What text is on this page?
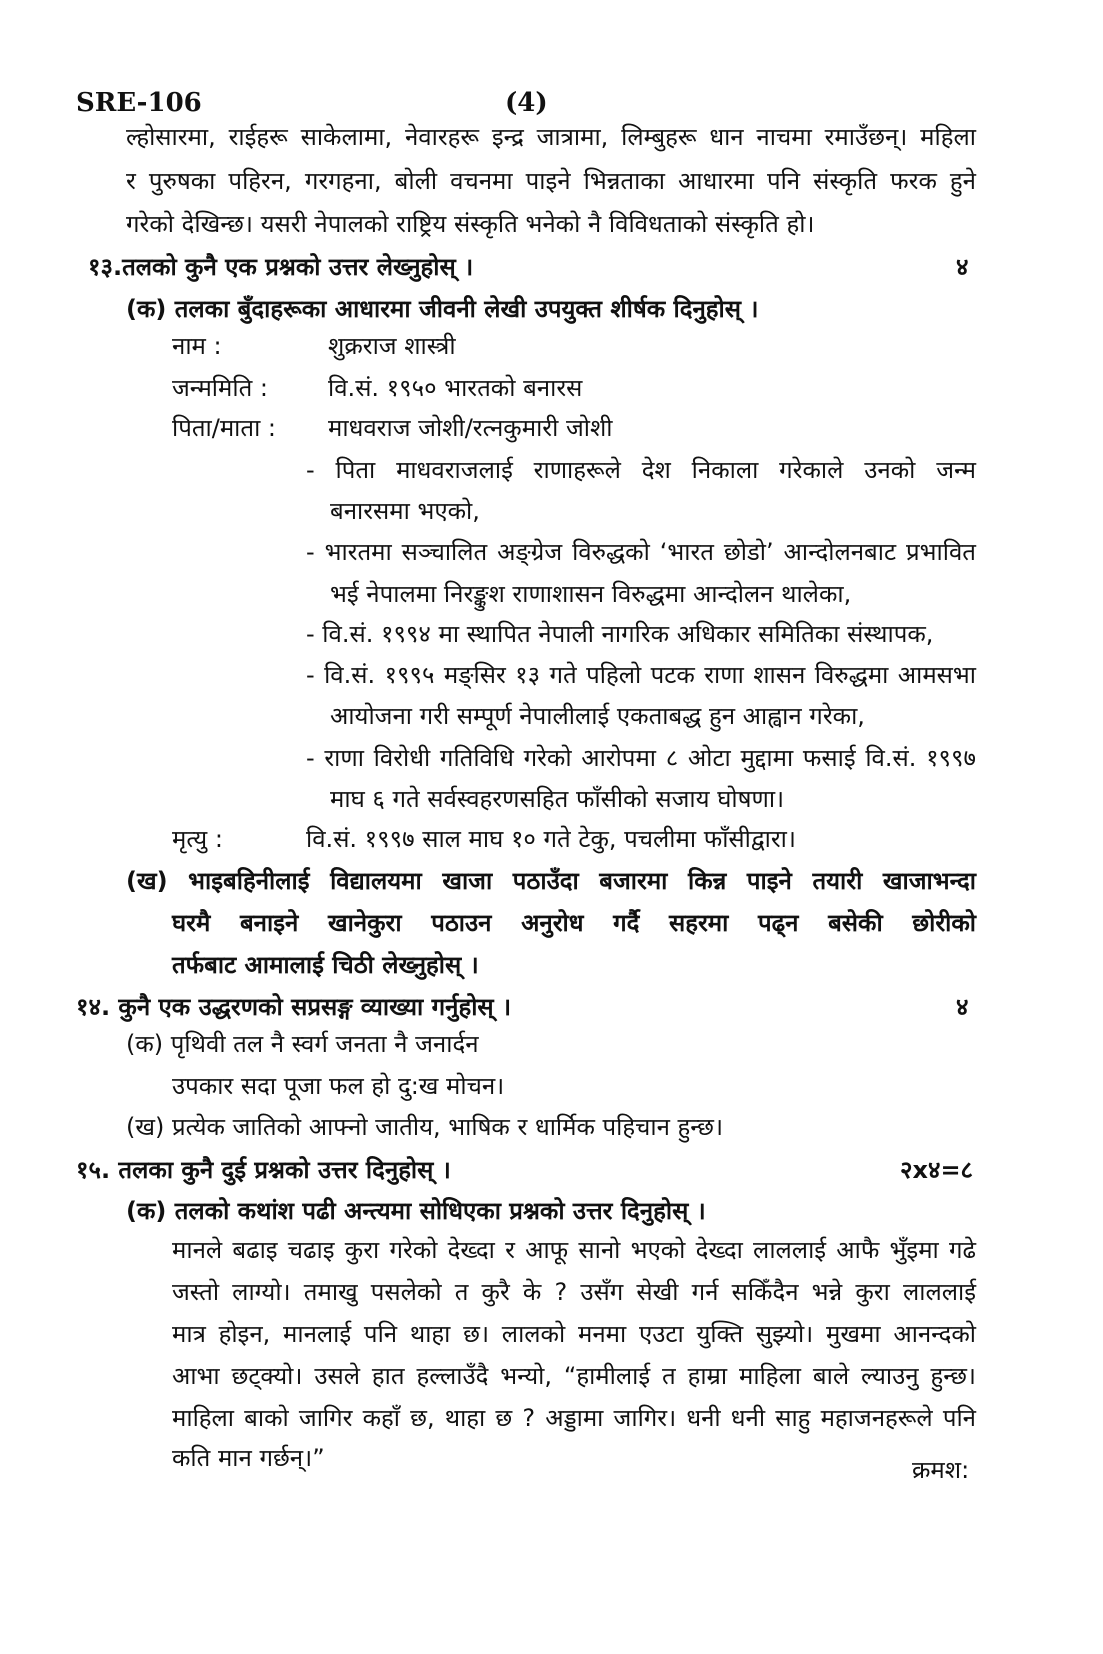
SRE-106	(4)
ल्होसारमा, राईहरू साकेलामा, नेवारहरू इन्द्र जात्रामा, लिम्बुहरू धान नाचमा रमाउँछन्। महिला
र पुरुषका पहिरन, गरगहना, बोली वचनमा पाइने भिन्नताका आधारमा पनि संस्कृति फरक हुने
गरेको देखिन्छ। यसरी नेपालको राष्ट्रिय संस्कृति भनेको नै विविधताको संस्कृति हो।
१३.तलको कुनै एक प्रश्नको उत्तर लेख्नुहोस् ।	४
(क) तलका बुँदाहरूका आधारमा जीवनी लेखी उपयुक्त शीर्षक दिनुहोस् ।
नाम :	शुक्रराज शास्त्री
जन्ममिति :	वि.सं. १९५० भारतको बनारस
पिता/माता : माधवराज जोशी/रत्नकुमारी जोशी
- पिता माधवराजलाई राणाहरूले देश निकाला गरेकाले उनको जन्म
बनारसमा भएको,
- भारतमा सञ्चालित अङ्ग्रेज विरुद्धको ‘भारत छोडो’ आन्दोलनबाट प्रभावित
भई नेपालमा निरङ्कुश राणाशासन विरुद्धमा आन्दोलन थालेका,
- वि.सं. १९९४ मा स्थापित नेपाली नागरिक अधिकार समितिका संस्थापक,
- वि.सं. १९९५ मङ्सिर १३ गते पहिलो पटक राणा शासन विरुद्धमा आमसभा
आयोजना गरी सम्पूर्ण नेपालीलाई एकताबद्ध हुन आह्वान गरेका,
- राणा विरोधी गतिविधि गरेको आरोपमा ८ ओटा मुद्दामा फसाई वि.सं. १९९७
माघ ६ गते सर्वस्वहरणसहित फाँसीको सजाय घोषणा।
मृत्यु :	वि.सं. १९९७ साल माघ १० गते टेकु, पचलीमा फाँसीद्वारा।
(ख) भाइबहिनीलाई विद्यालयमा खाजा पठाउँदा बजारमा किन्न पाइने तयारी खाजाभन्दा
घरमै बनाइने खानेकुरा पठाउन अनुरोध गर्दै सहरमा पढ्न बसेकी छोरीको
तर्फबाट आमालाई चिठी लेख्नुहोस् ।
१४. कुनै एक उद्धरणको सप्रसङ्ग व्याख्या गर्नुहोस् ।	४
(क) पृथिवी तल नै स्वर्ग जनता नै जनार्दन
उपकार सदा पूजा फल हो दु:ख मोचन।
(ख) प्रत्येक जातिको आफ्नो जातीय, भाषिक र धार्मिक पहिचान हुन्छ।
१५. तलका कुनै दुई प्रश्नको उत्तर दिनुहोस् ।	२x४=८
(क) तलको कथांश पढी अन्त्यमा सोधिएका प्रश्नको उत्तर दिनुहोस् ।
मानले बढाइ चढाइ कुरा गरेको देख्दा र आफू सानो भएको देख्दा लाललाई आफै भुँइमा गढे
जस्तो लाग्यो। तमाखु पसलेको त कुरै के ? उसँग सेखी गर्न सकिँदैन भन्ने कुरा लाललाई
मात्र होइन, मानलाई पनि थाहा छ। लालको मनमा एउटा युक्ति सुझ्यो। मुखमा आनन्दको
आभा छट्क्यो। उसले हात हल्लाउँदै भन्यो, “हामीलाई त हाम्रा माहिला बाले ल्याउनु हुन्छ।
माहिला बाको जागिर कहाँ छ, थाहा छ ? अड्डामा जागिर। धनी धनी साहु महाजनहरूले पनि
कति मान गर्छन्।”	क्रमश:
